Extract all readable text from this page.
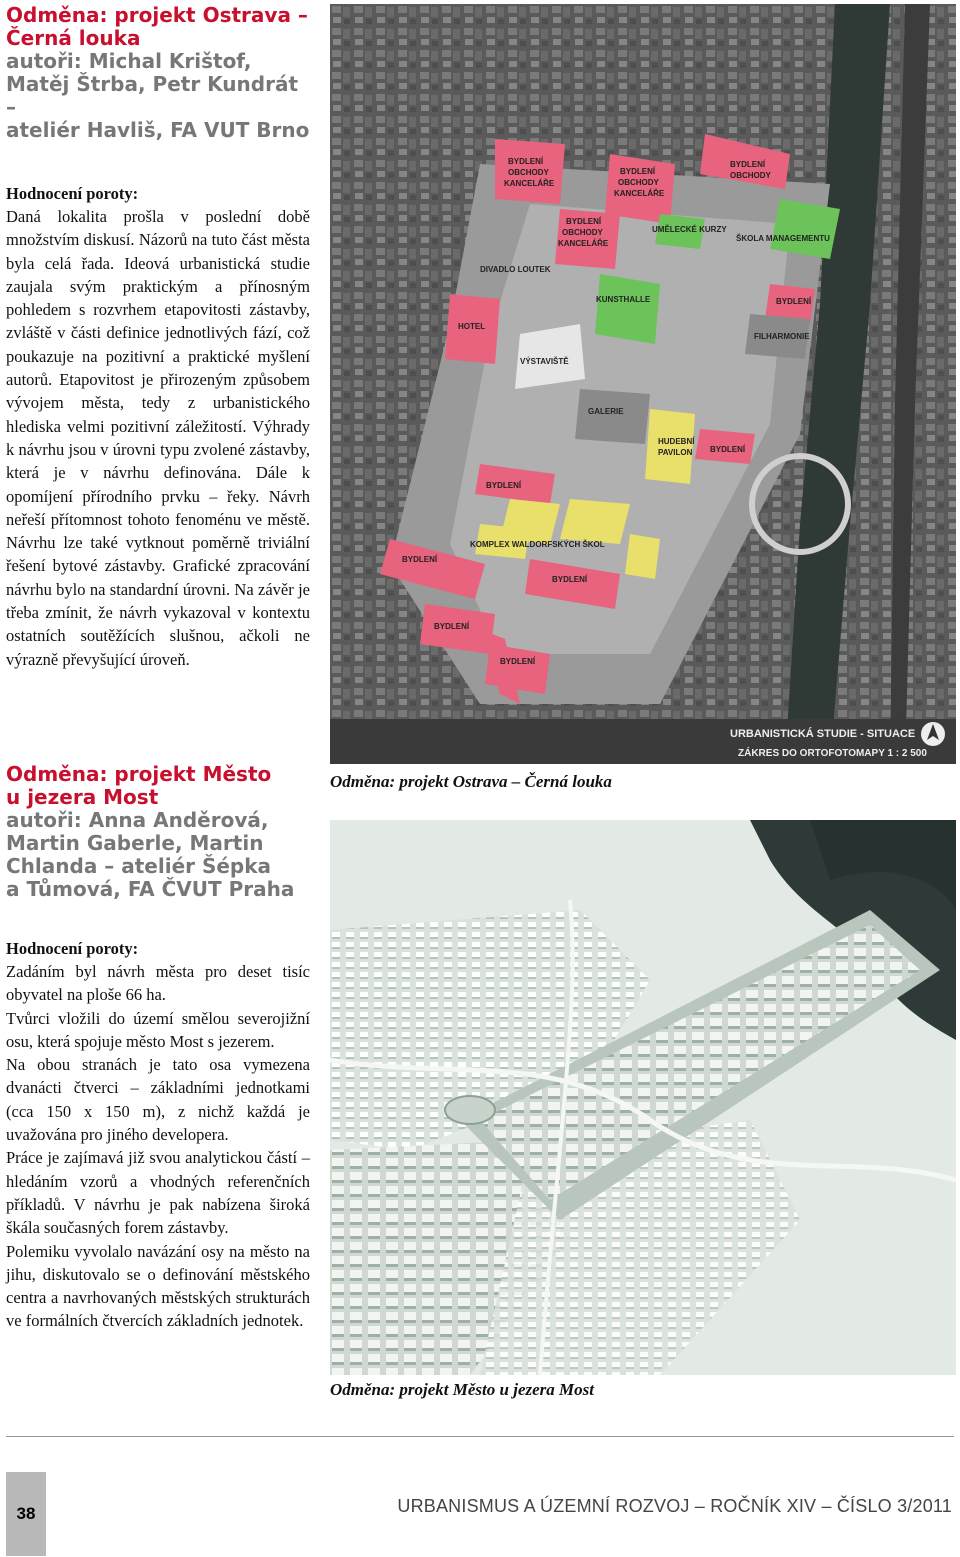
Odměna: projekt Ostrava –
Černá louka
autoři: Michal Krištof,
Matěj Štrba, Petr Kundrát –
ateliér Havliš, FA VUT Brno
Hodnocení poroty:

Daná lokalita prošla v poslední době množstvím diskusí. Názorů na tuto část města byla celá řada. Ideová urbanistická studie zaujala svým praktickým a přínosným pohledem s rozvrhem etapovitosti zástavby, zvláště v části definice jednotlivých fází, což poukazuje na pozitivní a praktické myšlení autorů. Etapovitost je přirozeným způsobem vývojem města, tedy z urbanistického hlediska velmi pozitivní záležitostí. Výhrady k návrhu jsou v úrovni typu zvolené zástavby, která je v návrhu definována. Dále k opomíjení přírodního prvku – řeky. Návrh neřeší přítomnost tohoto fenoménu ve městě. Návrhu lze také vytknout poměrně triviální řešení bytové zástavby. Grafické zpracování návrhu bylo na standardní úrovni. Na závěr je třeba zmínit, že návrh vykazoval v kontextu ostatních soutěžících slušnou, ačkoli ne výrazně převyšující úroveň.

BYDLENÍ
OBCHODY
KANCELÁŘE
BYDLENÍ
OBCHODY
KANCELÁŘE
BYDLENÍ
OBCHODY
BYDLENÍ
OBCHODY
KANCELÁŘE
UMĚLECKÉ KURZY
ŠKOLA MANAGEMENTU
DIVADLO LOUTEK
KUNSTHALLE	BYDLENÍ
HOTEL
VÝSTAVIŠTĚ
FILHARMONIE
GALERIE
HUDEBNÍ
PAVILON BYDLENÍ
BYDLENÍ
KOMPLEX WALDORFSKÝCH ŠKOL
BYDLENÍ
BYDLENÍ
BYDLENÍ
BYDLENÍ
URBANISTICKÁ STUDIE - SITUACE
ZÁKRES DO ORTOFOTOMAPY 1 : 2 500
Odměna: projekt Ostrava – Černá louka
Odměna: projekt Město
u jezera Most
autoři: Anna Anděrová,
Martin Gaberle, Martin
Chlanda – ateliér Šépka
a Tůmová, FA ČVUT Praha
Hodnocení poroty:

Zadáním byl návrh města pro deset tisíc obyvatel na ploše 66 ha.

Tvůrci vložili do území smělou severojižní osu, která spojuje město Most s jezerem.

Na obou stranách je tato osa vymezena dvanácti čtverci – základními jednotkami (cca 150 x 150 m), z nichž každá je uvažována pro jiného developera.

Práce je zajímavá již svou analytickou částí – hledáním vzorů a vhodných referenčních příkladů. V návrhu je pak nabízena široká škála současných forem zástavby.

Polemiku vyvolalo navázání osy na město na jihu, diskutovalo se o definování městského centra a navrhovaných městských strukturách ve formálních čtvercích základních jednotek.

Odměna: projekt Město u jezera Most
38	URBANISMUS A ÚZEMNÍ ROZVOJ – ROČNÍK XIV – ČÍSLO 3/2011
